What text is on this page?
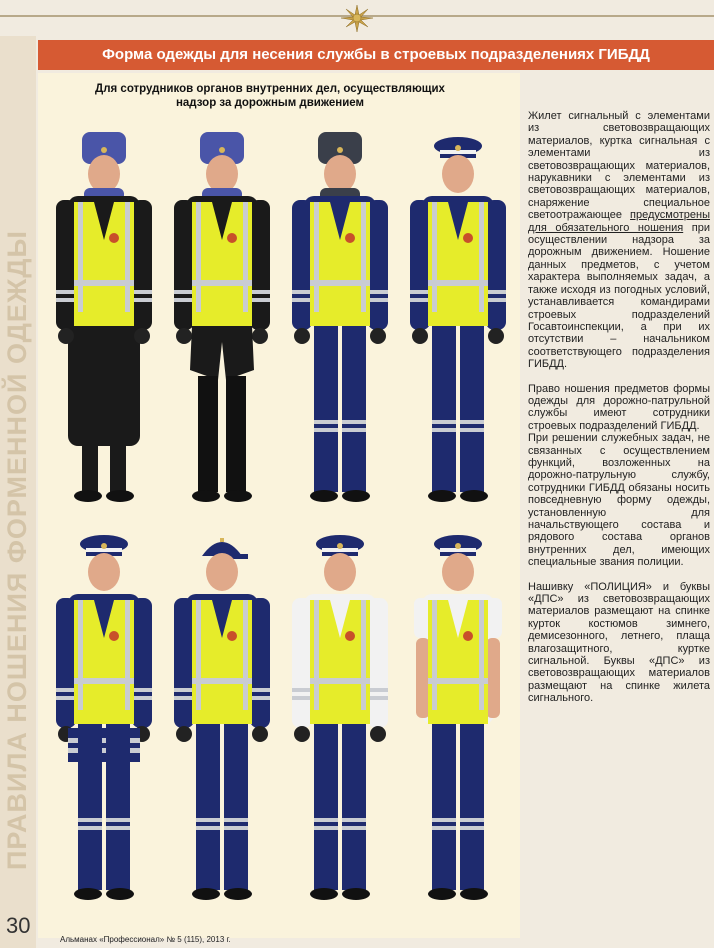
ПРАВИЛА НОШЕНИЯ ФОРМЕННОЙ ОДЕЖДЫ
30
Форма одежды для несения службы в строевых подразделениях ГИБДД
Для сотрудников органов внутренних дел, осуществляющих
надзор за дорожным движением

Жилет сигнальный с элементами из световозвращающих материалов, куртка сигнальная с элементами из световозвращающих материалов, нарукавники с элементами из световозвращающих материалов, снаряжение специальное светоотражающее предусмотрены для обязательного ношения при осуществлении надзора за дорожным движением. Ношение данных предметов, с учетом характера выполняемых задач, а также исходя из погодных условий, устанавливается командирами строевых подразделений Госавтоинспекции, а при их отсутствии – начальником соответствующего подразделения ГИБДД.

Право ношения предметов формы одежды для дорожно-патрульной службы имеют сотрудники строевых подразделений ГИБДД.

При решении служебных задач, не связанных с осуществлением функций, возложенных на дорожно-патрульную службу, сотрудники ГИБДД обязаны носить повседневную форму одежды, установленную для начальствующего состава и рядового состава органов внутренних дел, имеющих специальные звания полиции.

Нашивку «ПОЛИЦИЯ» и буквы «ДПС» из световозвращающих материалов размещают на спинке курток костюмов зимнего, демисезонного, летнего, плаща влагозащитного, куртке сигнальной. Буквы «ДПС» из световозвращающих материалов размещают на спинке жилета сигнального.

Альманах «Профессионал» № 5 (115), 2013 г.
